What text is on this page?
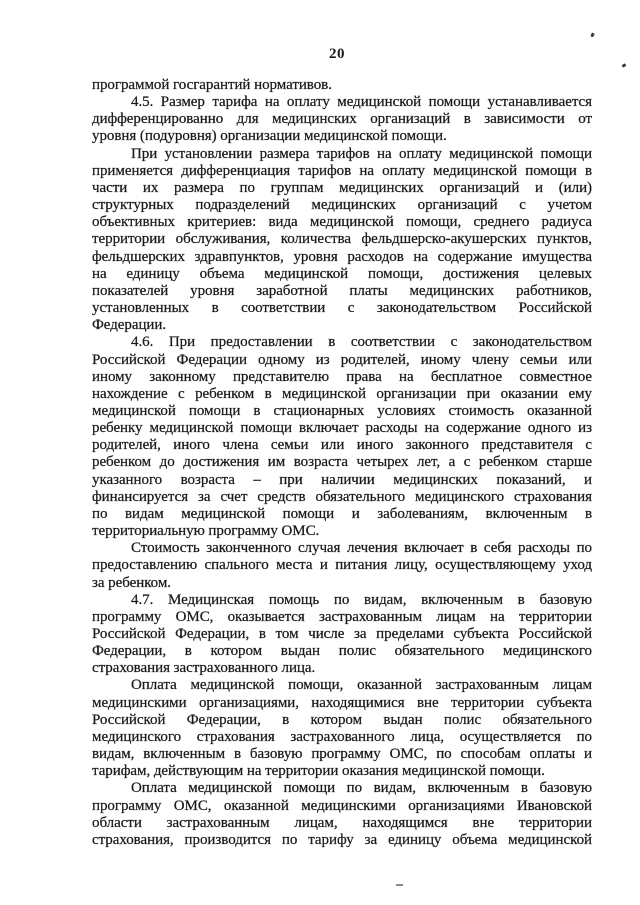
20
программой госгарантий нормативов.
4.5. Размер тарифа на оплату медицинской помощи устанавливается
дифференцированно для медицинских организаций в зависимости от
уровня (подуровня) организации медицинской помощи.
При установлении размера тарифов на оплату медицинской помощи
применяется дифференциация тарифов на оплату медицинской помощи в
части их размера по группам медицинских организаций и (или)
структурных подразделений медицинских организаций с учетом
объективных критериев: вида медицинской помощи, среднего радиуса
территории обслуживания, количества фельдшерско-акушерских пунктов,
фельдшерских здравпунктов, уровня расходов на содержание имущества
на единицу объема медицинской помощи, достижения целевых
показателей уровня заработной платы медицинских работников,
установленных в соответствии с законодательством Российской
Федерации.
4.6. При предоставлении в соответствии с законодательством
Российской Федерации одному из родителей, иному члену семьи или
иному законному представителю права на бесплатное совместное
нахождение с ребенком в медицинской организации при оказании ему
медицинской помощи в стационарных условиях стоимость оказанной
ребенку медицинской помощи включает расходы на содержание одного из
родителей, иного члена семьи или иного законного представителя с
ребенком до достижения им возраста четырех лет, а с ребенком старше
указанного возраста – при наличии медицинских показаний, и
финансируется за счет средств обязательного медицинского страхования
по видам медицинской помощи и заболеваниям, включенным в
территориальную программу ОМС.
Стоимость законченного случая лечения включает в себя расходы по
предоставлению спального места и питания лицу, осуществляющему уход
за ребенком.
4.7. Медицинская помощь по видам, включенным в базовую
программу ОМС, оказывается застрахованным лицам на территории
Российской Федерации, в том числе за пределами субъекта Российской
Федерации, в котором выдан полис обязательного медицинского
страхования застрахованного лица.
Оплата медицинской помощи, оказанной застрахованным лицам
медицинскими организациями, находящимися вне территории субъекта
Российской Федерации, в котором выдан полис обязательного
медицинского страхования застрахованного лица, осуществляется по
видам, включенным в базовую программу ОМС, по способам оплаты и
тарифам, действующим на территории оказания медицинской помощи.
Оплата медицинской помощи по видам, включенным в базовую
программу ОМС, оказанной медицинскими организациями Ивановской
области застрахованным лицам, находящимся вне территории
страхования, производится по тарифу за единицу объема медицинской
